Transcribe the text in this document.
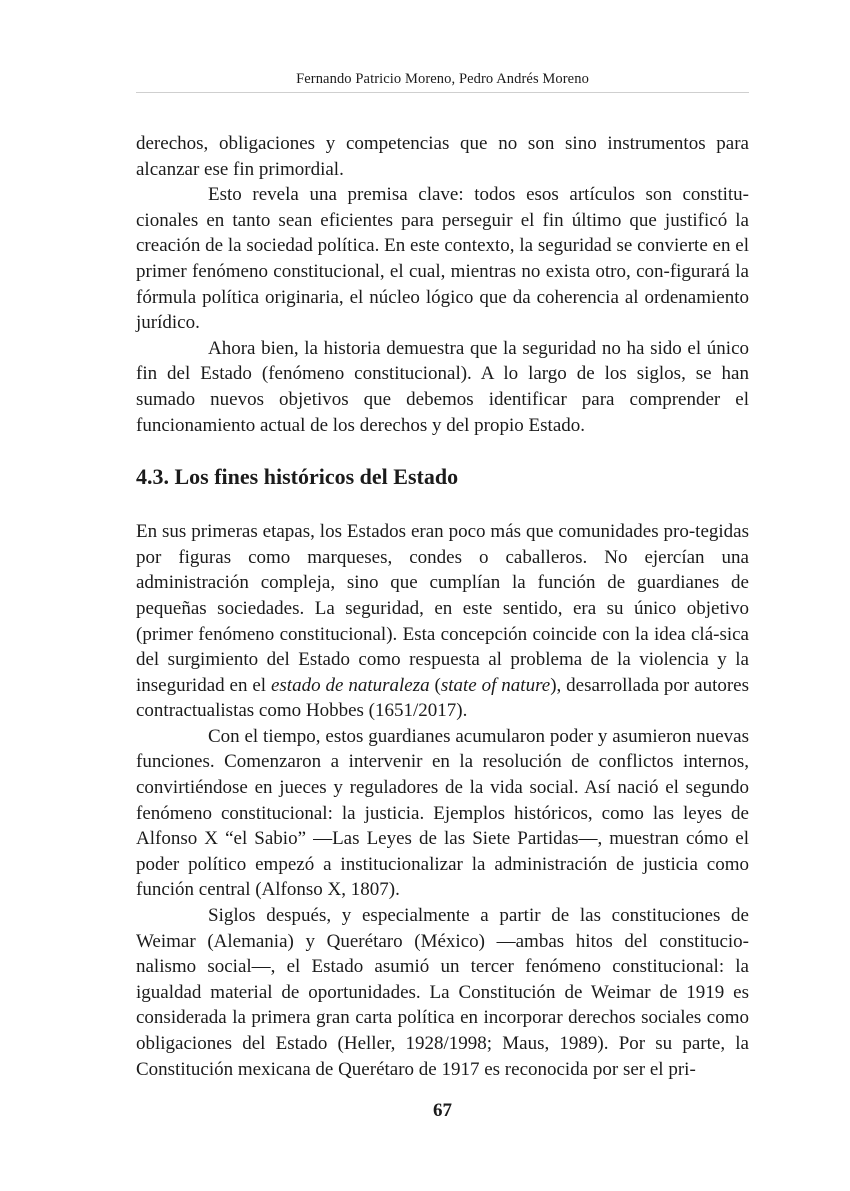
Fernando Patricio Moreno, Pedro Andrés Moreno

derechos, obligaciones y competencias que no son sino instrumentos para alcanzar ese fin primordial.

Esto revela una premisa clave: todos esos artículos son constitu-cionales en tanto sean eficientes para perseguir el fin último que justificó la creación de la sociedad política. En este contexto, la seguridad se convierte en el primer fenómeno constitucional, el cual, mientras no exista otro, con-figurará la fórmula política originaria, el núcleo lógico que da coherencia al ordenamiento jurídico.

Ahora bien, la historia demuestra que la seguridad no ha sido el único fin del Estado (fenómeno constitucional). A lo largo de los siglos, se han sumado nuevos objetivos que debemos identificar para comprender el funcionamiento actual de los derechos y del propio Estado.

4.3. Los fines históricos del Estado

En sus primeras etapas, los Estados eran poco más que comunidades pro-tegidas por figuras como marqueses, condes o caballeros. No ejercían una administración compleja, sino que cumplían la función de guardianes de pequeñas sociedades. La seguridad, en este sentido, era su único objetivo (primer fenómeno constitucional). Esta concepción coincide con la idea clá-sica del surgimiento del Estado como respuesta al problema de la violencia y la inseguridad en el estado de naturaleza (state of nature), desarrollada por autores contractualistas como Hobbes (1651/2017).

Con el tiempo, estos guardianes acumularon poder y asumieron nuevas funciones. Comenzaron a intervenir en la resolución de conflictos internos, convirtiéndose en jueces y reguladores de la vida social. Así nació el segundo fenómeno constitucional: la justicia. Ejemplos históricos, como las leyes de Alfonso X “el Sabio” —Las Leyes de las Siete Partidas—, muestran cómo el poder político empezó a institucionalizar la administración de justicia como función central (Alfonso X, 1807).

Siglos después, y especialmente a partir de las constituciones de Weimar (Alemania) y Querétaro (México) —ambas hitos del constitucio-nalismo social—, el Estado asumió un tercer fenómeno constitucional: la igualdad material de oportunidades. La Constitución de Weimar de 1919 es considerada la primera gran carta política en incorporar derechos sociales como obligaciones del Estado (Heller, 1928/1998; Maus, 1989). Por su parte, la Constitución mexicana de Querétaro de 1917 es reconocida por ser el pri-

67
